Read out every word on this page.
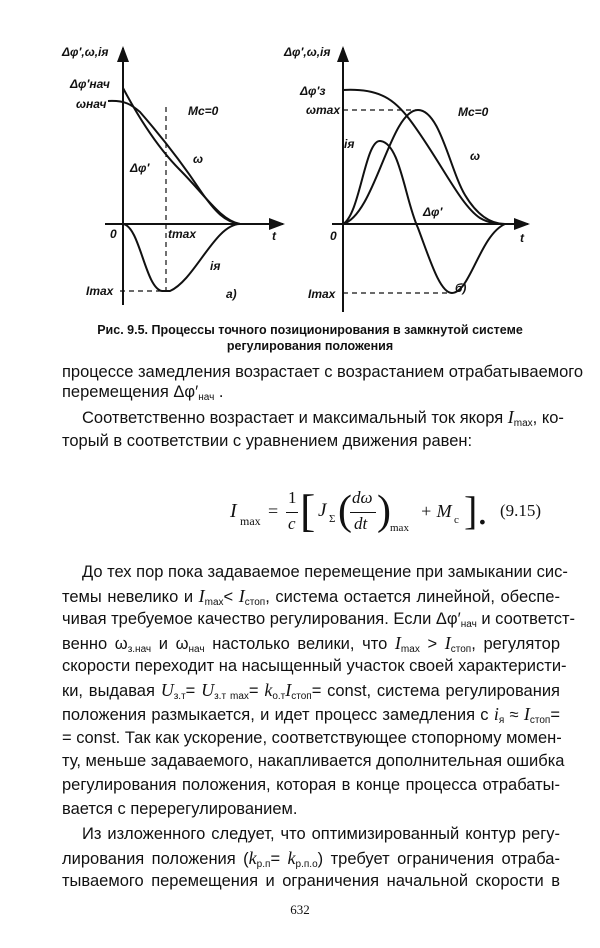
Δφ′,ω,iя
Δφ′нач
ωнач	Mc=0
ω
Δφ′
0	tmax	t
iя
Imax	a)
Δφ′,ω,iя
Δφ′з
ωmax	Mc=0
ω
Δφ′
iя
0	t
Imax	б)
Рис. 9.5. Процессы точного позиционирования в замкнутой системе
регулирования положения
процессе замедления возрастает с возрастанием отрабатываемого
перемещения $\Delta\varphi'_{нач}$ .
Соответственно возрастает и максимальный ток якоря $I_{max}$, ко-
торый в соответствии с уравнением движения равен:
До тех пор пока задаваемое перемещение при замыкании сис-
темы невелико и $I_{max}< I_{стоп}$, система остается линейной, обеспе-
чивая требуемое качество регулирования. Если $\Delta\varphi'_{нач}$ и соответст-
венно $\omega_{з.нач}$ и $\omega_{нач}$ настолько велики, что $I_{max} > I_{стоп}$, регулятор
скорости переходит на насыщенный участок своей характеристи-
ки, выдавая $U_{з.т}= U_{з.т max}= k_{о.т}I_{стоп}=$ const, система регулирования
положения размыкается, и идет процесс замедления с $i_я \approx I_{стоп}=$
= const. Так как ускорение, соответствующее стопорному момен-
ту, меньше задаваемого, накапливается дополнительная ошибка
регулирования положения, которая в конце процесса отрабаты-
вается с перерегулированием.
Из изложенного следует, что оптимизированный контур регу-
лирования положения $(k_{р.п}= k_{р.п.о})$ требует ограничения отраба-
тываемого перемещения и ограничения начальной скорости в
I max =
1
c [ J Σ ( dω
dt ) max
+ M c ]. (9.15)
632
